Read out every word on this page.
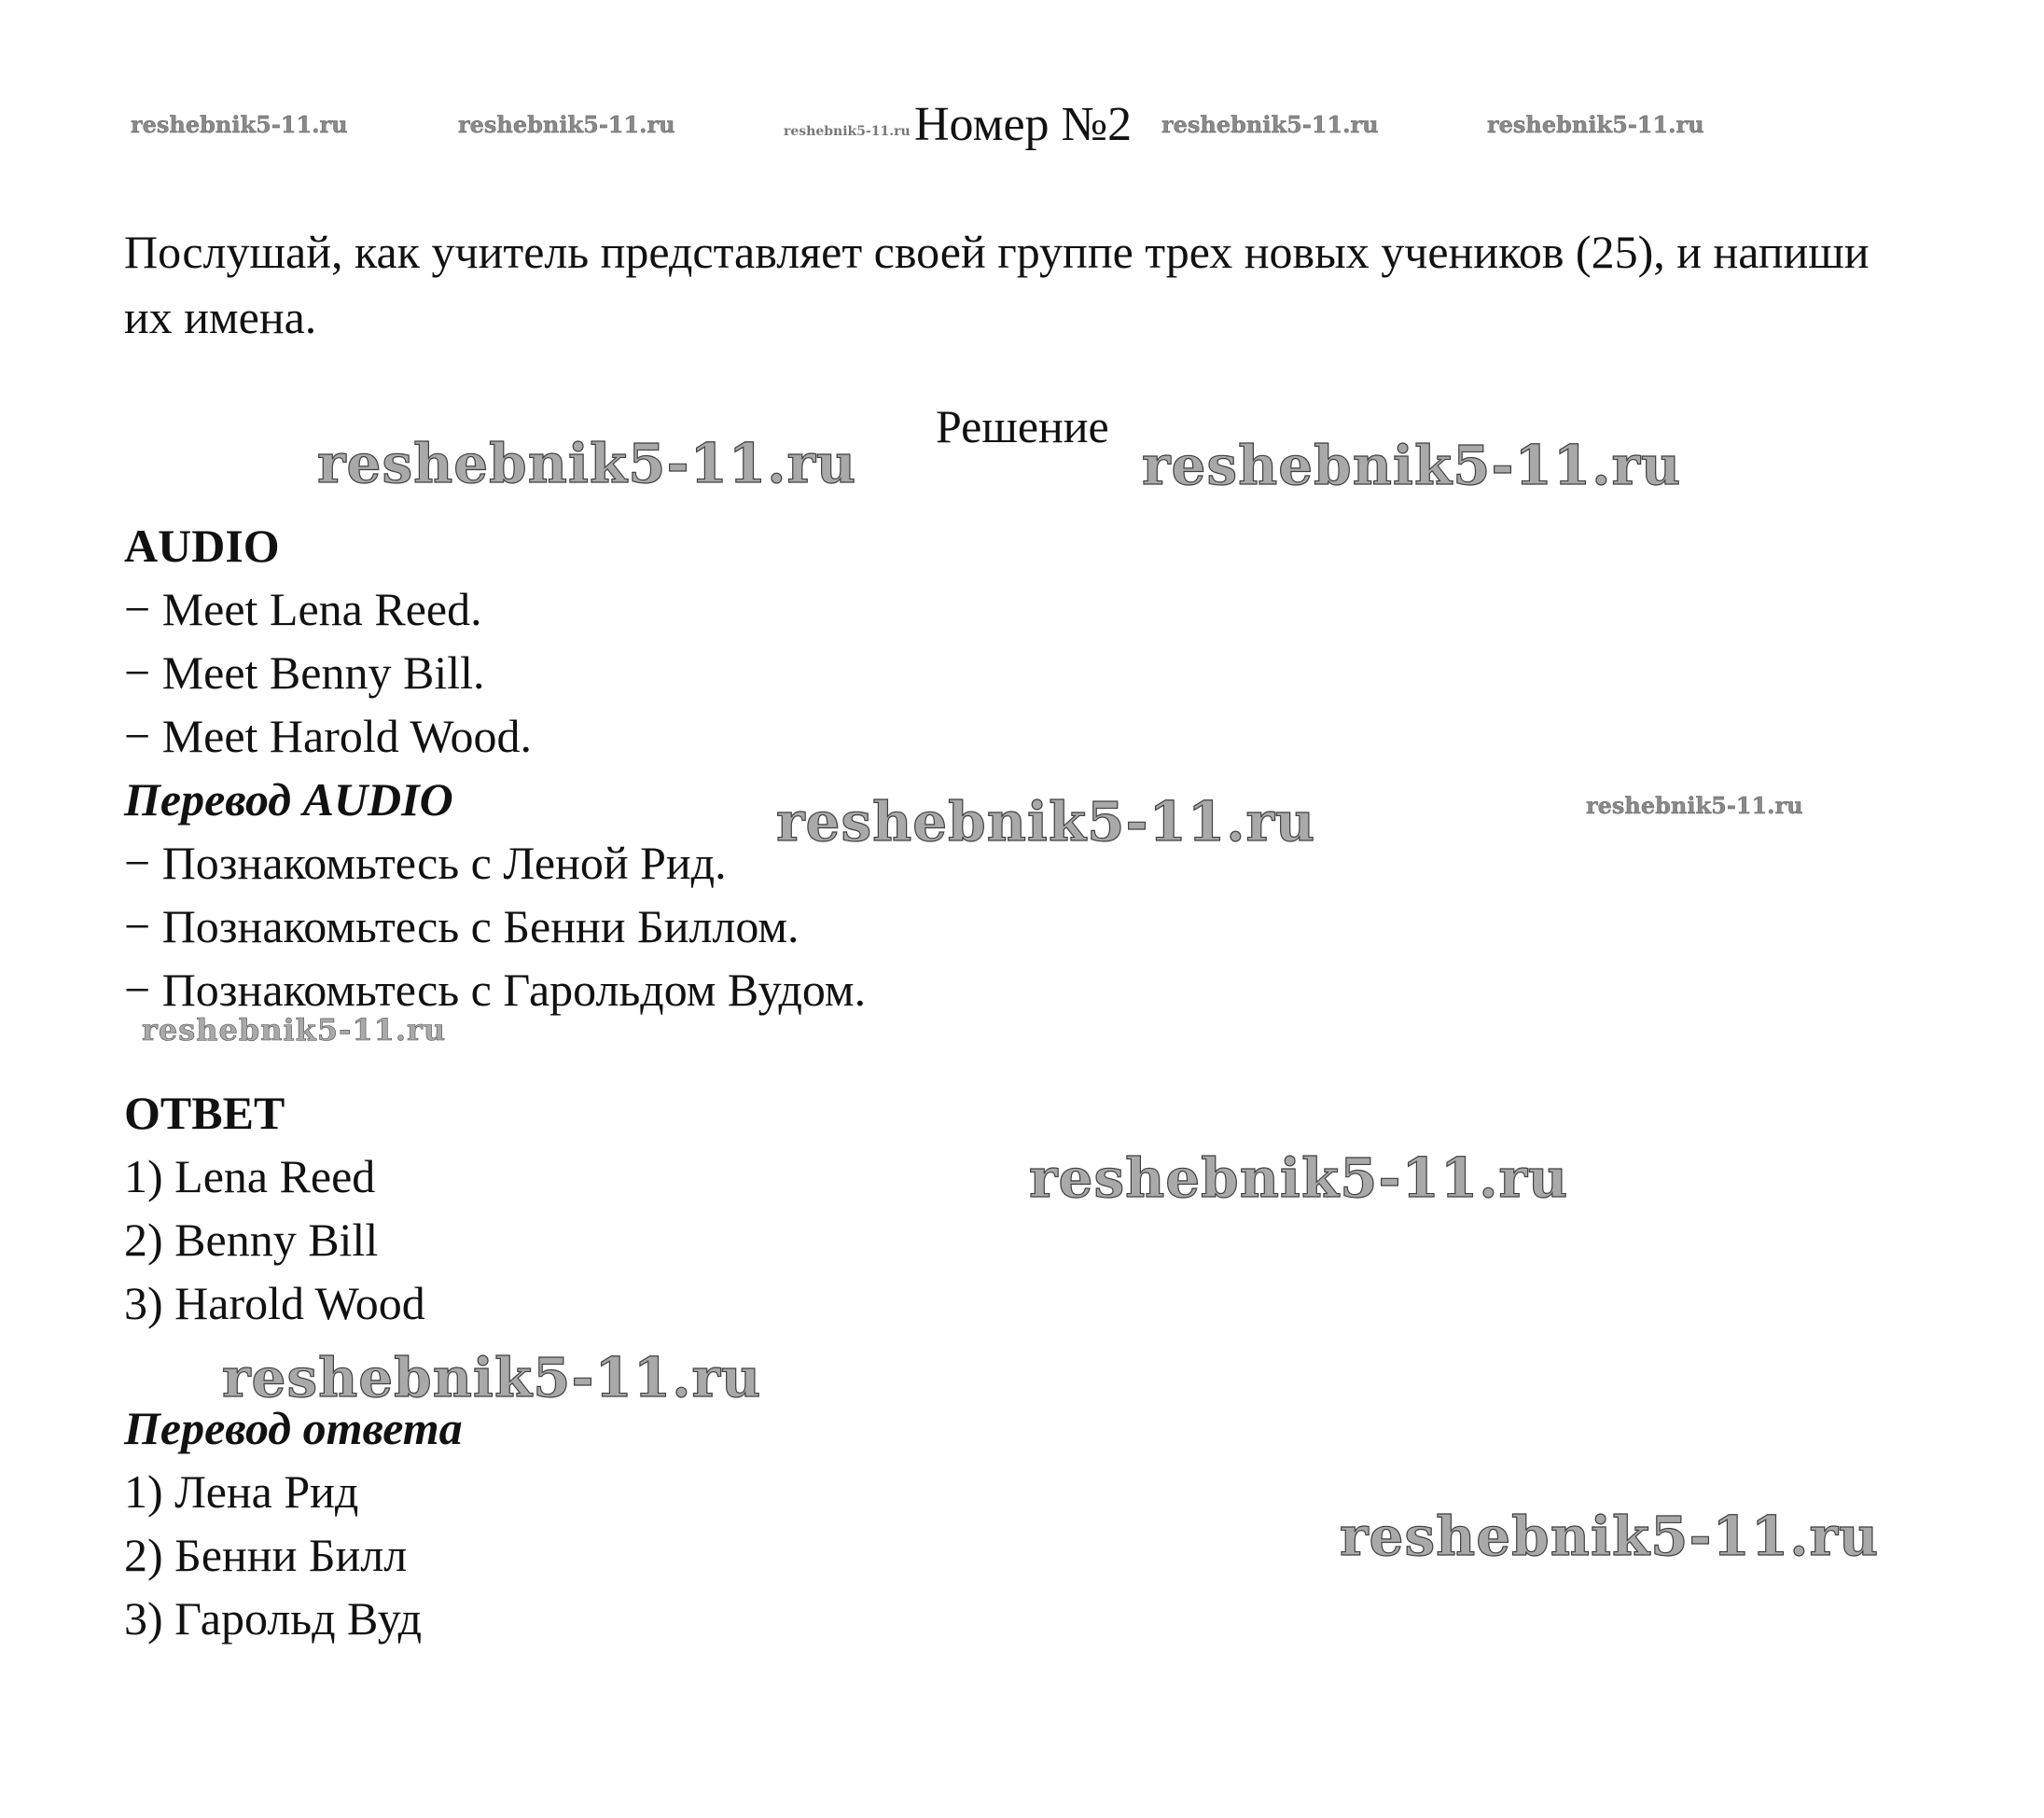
reshebnik5-11.ru	reshebnik5-11.ru	reshebnik5-11.ru	reshebnik5-11.ru	reshebnik5-11.ru
reshebnik5-11.ru	reshebnik5-11.ru
reshebnik5-11.ru	reshebnik5-11.ru
reshebnik5-11.ru
reshebnik5-11.ru
reshebnik5-11.ru
reshebnik5-11.ru
Номер №2
Послушай, как учитель представляет своей группе трех новых учеников (25), и напиши их имена.
Решение
AUDIO
− Meet Lena Reed.
− Meet Benny Bill.
− Meet Harold Wood.
Перевод AUDIO
− Познакомьтесь с Леной Рид.
− Познакомьтесь с Бенни Биллом.
− Познакомьтесь с Гарольдом Вудом.
ОТВЕТ
1) Lena Reed
2) Benny Bill
3) Harold Wood
Перевод ответа
1) Лена Рид
2) Бенни Билл
3) Гарольд Вуд
